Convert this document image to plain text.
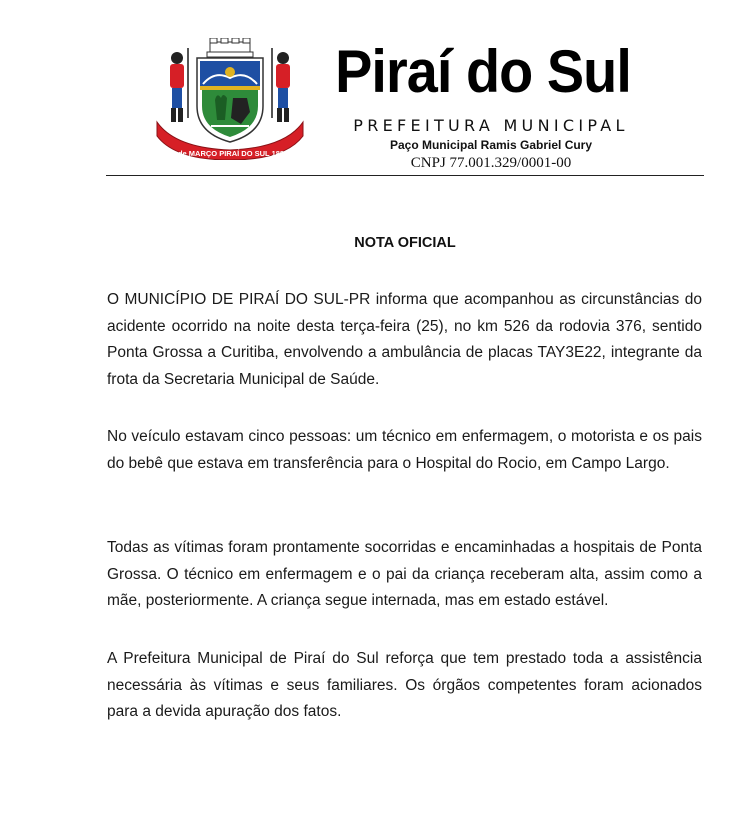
3 de MARÇO PIRAÍ DO SUL 1881
Piraí do Sul
PREFEITURA MUNICIPAL
Paço Municipal Ramis Gabriel Cury
CNPJ 77.001.329/0001-00
NOTA OFICIAL

O MUNICÍPIO DE PIRAÍ DO SUL-PR informa que acompanhou as circunstâncias do acidente ocorrido na noite desta terça-feira (25), no km 526 da rodovia 376, sentido Ponta Grossa a Curitiba, envolvendo a ambulância de placas TAY3E22, integrante da frota da Secretaria Municipal de Saúde.

No veículo estavam cinco pessoas: um técnico em enfermagem, o motorista e os pais do bebê que estava em transferência para o Hospital do Rocio, em Campo Largo.

Todas as vítimas foram prontamente socorridas e encaminhadas a hospitais de Ponta Grossa. O técnico em enfermagem e o pai da criança receberam alta, assim como a mãe, posteriormente. A criança segue internada, mas em estado estável.

A Prefeitura Municipal de Piraí do Sul reforça que tem prestado toda a assistência necessária às vítimas e seus familiares. Os órgãos competentes foram acionados para a devida apuração dos fatos.
